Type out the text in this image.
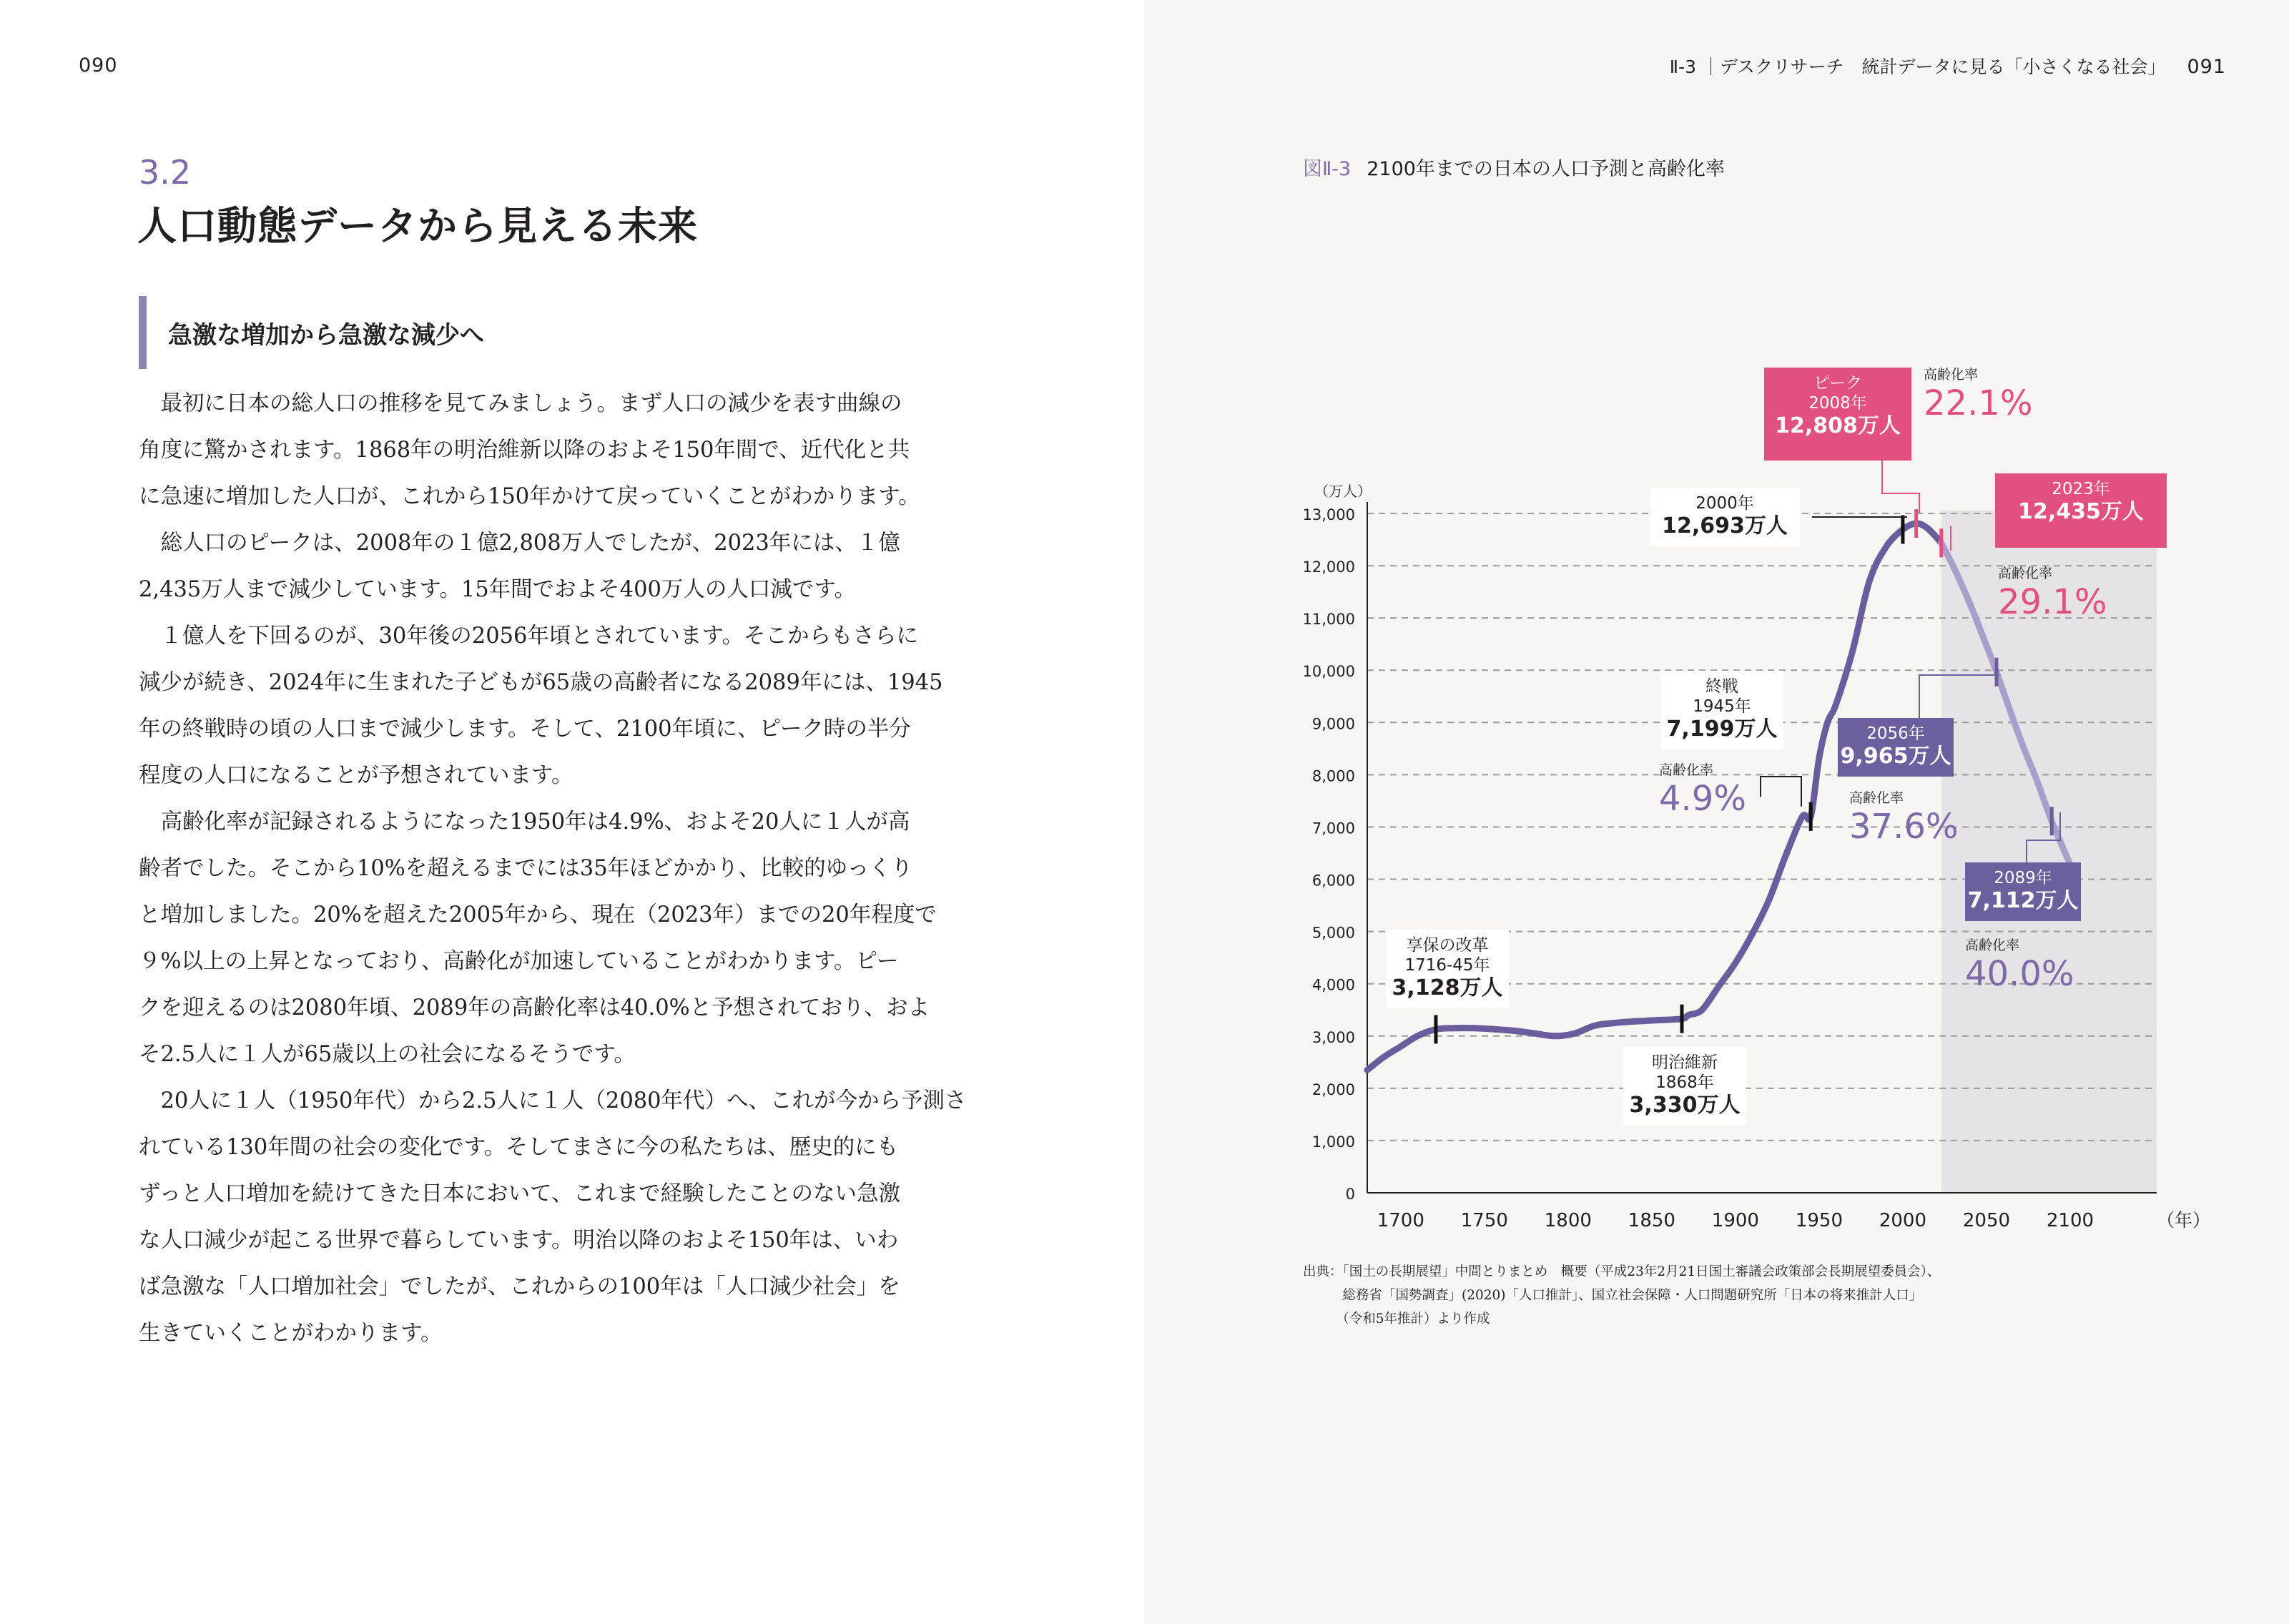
090
3.2
人口動態データから見える未来
急激な増加から急激な減少へ
　最初に日本の総人口の推移を見てみましょう。まず人口の減少を表す曲線の
角度に驚かされます。1868年の明治維新以降のおよそ150年間で、近代化と共
に急速に増加した人口が、これから150年かけて戻っていくことがわかります。
　総人口のピークは、2008年の１億2,808万人でしたが、2023年には、１億
2,435万人まで減少しています。15年間でおよそ400万人の人口減です。
　１億人を下回るのが、30年後の2056年頃とされています。そこからもさらに
減少が続き、2024年に生まれた子どもが65歳の高齢者になる2089年には、1945
年の終戦時の頃の人口まで減少します。そして、2100年頃に、ピーク時の半分
程度の人口になることが予想されています。
　高齢化率が記録されるようになった1950年は4.9%、およそ20人に１人が高
齢者でした。そこから10%を超えるまでには35年ほどかかり、比較的ゆっくり
と増加しました。20%を超えた2005年から、現在（2023年）までの20年程度で
９%以上の上昇となっており、高齢化が加速していることがわかります。ピー
クを迎えるのは2080年頃、2089年の高齢化率は40.0%と予想されており、およ
そ2.5人に１人が65歳以上の社会になるそうです。
　20人に１人（1950年代）から2.5人に１人（2080年代）へ、これが今から予測さ
れている130年間の社会の変化です。そしてまさに今の私たちは、歴史的にも
ずっと人口増加を続けてきた日本において、これまで経験したことのない急激
な人口減少が起こる世界で暮らしています。明治以降のおよそ150年は、いわ
ば急激な「人口増加社会」でしたが、これからの100年は「人口減少社会」を
生きていくことがわかります。
Ⅱ-3 ｜デスクリサーチ　統計データに見る「小さくなる社会」 091
図Ⅱ-3 2100年までの日本の人口予測と高齢化率
0
1,000
2,000
3,000
4,000
5,000
6,000
7,000
8,000
9,000
10,000
11,000
12,000
13,000
（万人）
1700 1750 1800 1850 1900 1950 2000 2050 2100	（年）
享保の改革
1716-45年
3,128万人
明治維新
1868年
3,330万人
終戦
1945年
7,199万人
2000年
12,693万人
ピーク
2008年
12,808万人
2023年
12,435万人
2056年
9,965万人
2089年
7,112万人
高齢化率
4.9%
高齢化率
22.1%
高齢化率
29.1%
高齢化率
37.6%
高齢化率
40.0%
出典：「国土の長期展望」中間とりまとめ　概要（平成23年2月21日国土審議会政策部会長期展望委員会）、
　　　総務省「国勢調査」(2020)「人口推計」、国立社会保障・人口問題研究所「日本の将来推計人口」
　　　（令和5年推計）より作成
